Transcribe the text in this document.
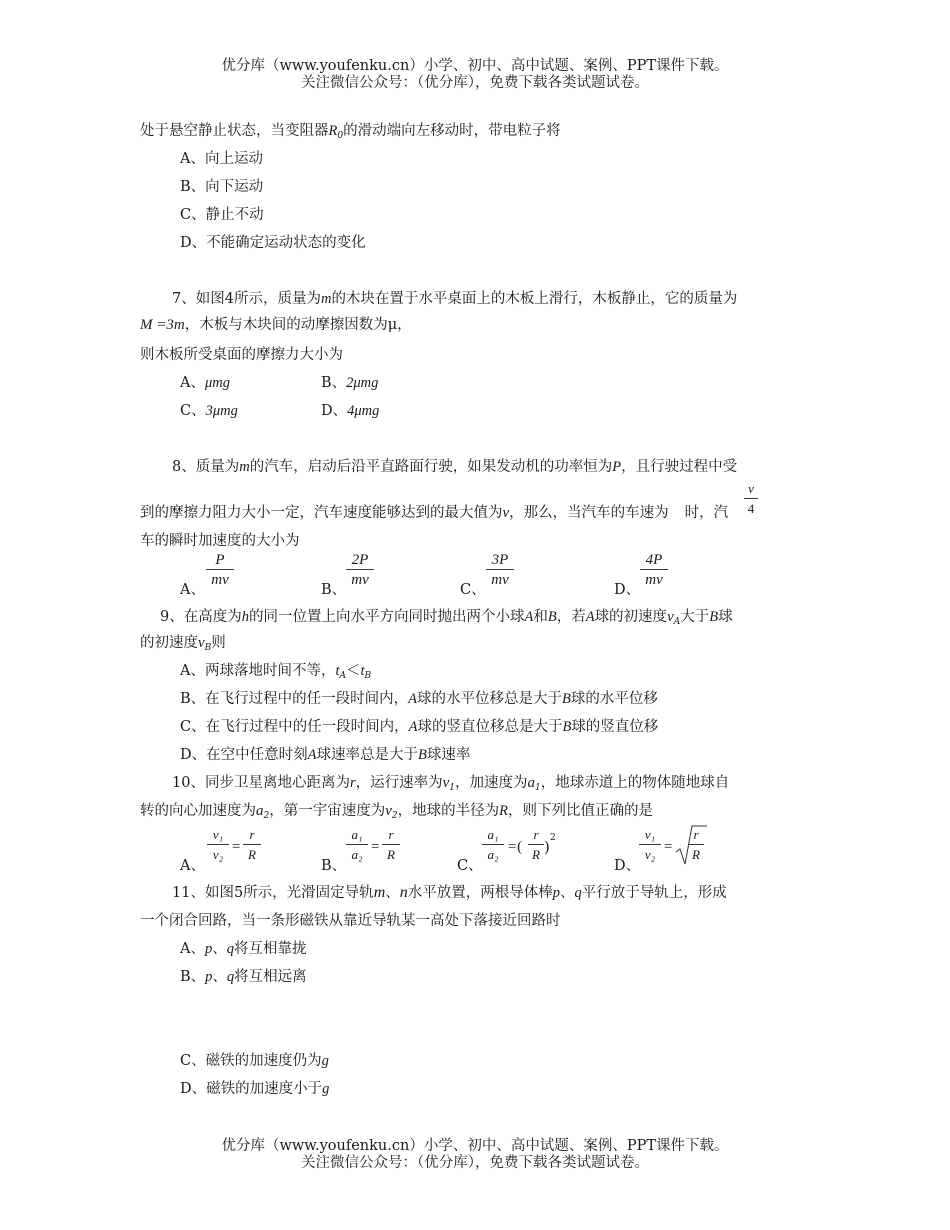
优分库（www.youfenku.cn）小学、初中、高中试题、案例、PPT课件下载。
关注微信公众号：（优分库），免费下载各类试题试卷。
处于悬空静止状态，当变阻器$R_0$的滑动端向左移动时，带电粒子将
A、向上运动
B、向下运动
C、静止不动
D、不能确定运动状态的变化
7、如图4所示，质量为m的木块在置于水平桌面上的木板上滑行，木板静止，它的质量为
M =3m，木板与木块间的动摩擦因数为μ，
则木板所受桌面的摩擦力大小为
A、μmg	B、2μmg
C、3μmg	D、4μmg
8、质量为m的汽车，启动后沿平直路面行驶，如果发动机的功率恒为P，且行驶过程中受
到的摩擦力阻力大小一定，汽车速度能够达到的最大值为v，那么，当汽车的车速为 时，汽 $\frac{v}{4}$
车的瞬时加速度的大小为
A、
$\frac{P}{mv}$
B、
$\frac{2P}{mv}$
C、
$\frac{3P}{mv}$
D、
$\frac{4P}{mv}$
9、在高度为h的同一位置上向水平方向同时抛出两个小球A和B，若A球的初速度$v_A$大于B球
的初速度$v_B$则
A、两球落地时间不等，$t_A<t_B$
B、在飞行过程中的任一段时间内，A球的水平位移总是大于B球的水平位移
C、在飞行过程中的任一段时间内，A球的竖直位移总是大于B球的竖直位移
D、在空中任意时刻A球速率总是大于B球速率
10、同步卫星离地心距离为r，运行速率为$v_1$，加速度为$a_1$，地球赤道上的物体随地球自
转的向心加速度为$a_2$，第一宇宙速度为$v_2$，地球的半径为R，则下列比值正确的是
A、
$\frac{\text{v₁}}{\text{v₂}} = \frac{r}{R}$
B、
$\frac{\text{a₁}}{\text{a₂}} = \frac{r}{R}$
C、
$\frac{\text{a₁}}{\text{a₂}}$ =( $\frac{r}{R}$ ) 2
D、
$\frac{\text{v₁}}{\text{v₂}} = \frac{r}{R}$
11、如图5所示，光滑固定导轨m、n水平放置，两根导体棒p、q平行放于导轨上，形成
一个闭合回路，当一条形磁铁从靠近导轨某一高处下落接近回路时
A、p、q将互相靠拢
B、p、q将互相远离
C、磁铁的加速度仍为g
D、磁铁的加速度小于g
优分库（www.youfenku.cn）小学、初中、高中试题、案例、PPT课件下载。
关注微信公众号：（优分库），免费下载各类试题试卷。
